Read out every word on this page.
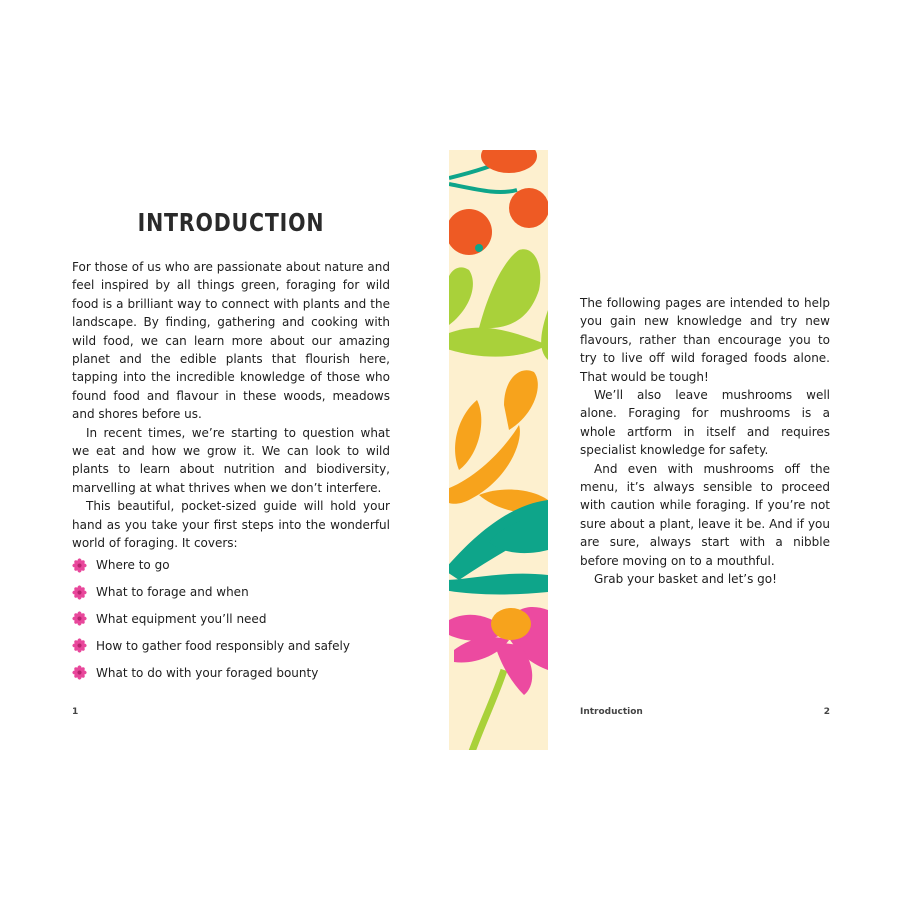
INTRODUCTION

For those of us who are passionate about nature and feel inspired by all things green, foraging for wild food is a brilliant way to connect with plants and the landscape. By finding, gathering and cooking with wild food, we can learn more about our amazing planet and the edible plants that flourish here, tapping into the incredible knowledge of those who found food and flavour in these woods, meadows and shores before us.

In recent times, we’re starting to question what we eat and how we grow it. We can look to wild plants to learn about nutrition and biodiversity, marvelling at what thrives when we don’t interfere.

This beautiful, pocket-sized guide will hold your hand as you take your first steps into the wonderful world of foraging. It covers:

Where to go
What to forage and when
What equipment you’ll need
How to gather food responsibly and safely
What to do with your foraged bounty
1

The following pages are intended to help you gain new knowledge and try new flavours, rather than encourage you to try to live off wild foraged foods alone. That would be tough!

We’ll also leave mushrooms well alone. Foraging for mushrooms is a whole artform in itself and requires specialist knowledge for safety.

And even with mushrooms off the menu, it’s always sensible to proceed with caution while foraging. If you’re not sure about a plant, leave it be. And if you are sure, always start with a nibble before moving on to a mouthful.

Grab your basket and let’s go!

Introduction	2
